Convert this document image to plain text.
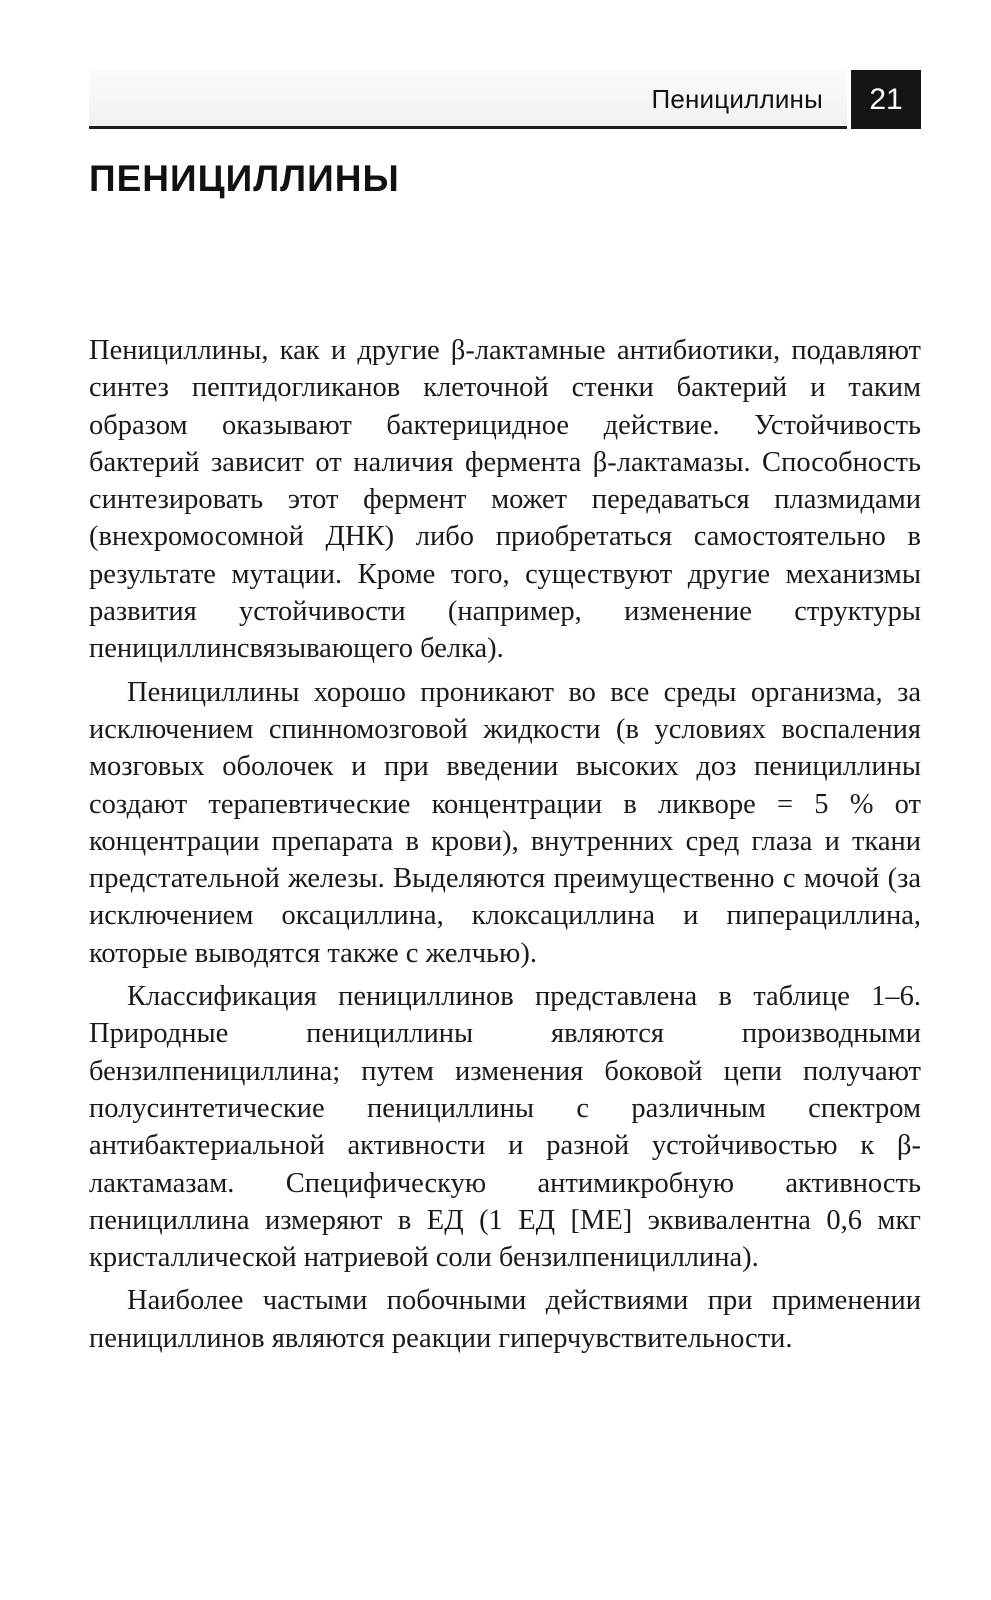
Пенициллины	21
ПЕНИЦИЛЛИНЫ

Пенициллины, как и другие β-лактамные антибиотики, подавляют синтез пептидогликанов клеточной стенки бактерий и таким образом оказывают бактерицидное действие. Устойчивость бактерий зависит от наличия фермента β-лактамазы. Способность синтезировать этот фермент может передаваться плазмидами (внехромосомной ДНК) либо приобретаться самостоятельно в результате мутации. Кроме того, существуют другие механизмы развития устойчивости (например, изменение структуры пенициллинсвязывающего белка).

Пенициллины хорошо проникают во все среды организма, за исключением спинномозговой жидкости (в условиях воспаления мозговых оболочек и при введении высоких доз пенициллины создают терапевтические концентрации в ликворе = 5 % от концентрации препарата в крови), внутренних сред глаза и ткани предстательной железы. Выделяются преимущественно с мочой (за исключением оксациллина, клоксациллина и пиперациллина, которые выводятся также с желчью).

Классификация пенициллинов представлена в таблице 1–6. Природные пенициллины являются производными бензилпенициллина; путем изменения боковой цепи получают полусинтетические пенициллины с различным спектром антибактериальной активности и разной устойчивостью к β-лактамазам. Специфическую антимикробную активность пенициллина измеряют в ЕД (1 ЕД [МЕ] эквивалентна 0,6 мкг кристаллической натриевой соли бензилпенициллина).

Наиболее частыми побочными действиями при применении пенициллинов являются реакции гиперчувствительности.
